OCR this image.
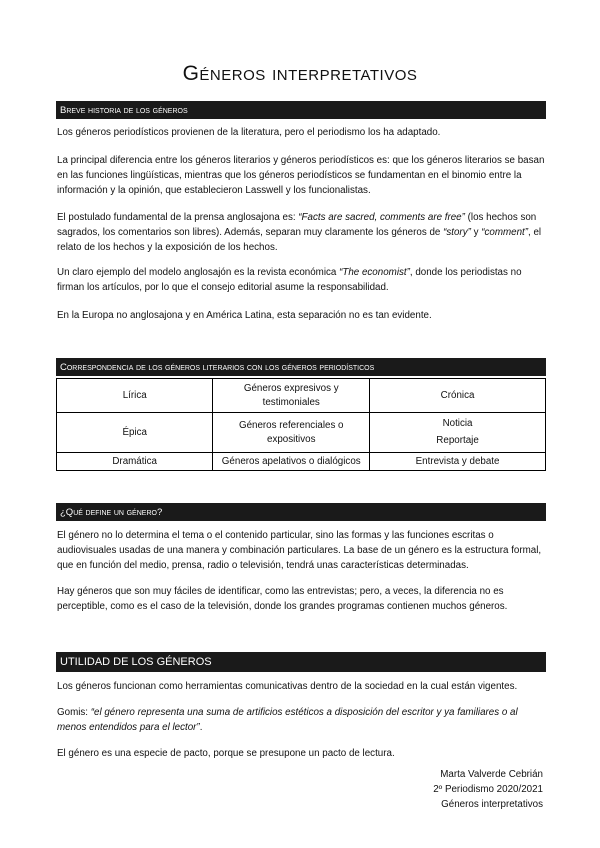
Géneros interpretativos
Breve historia de los géneros

Los géneros periodísticos provienen de la literatura, pero el periodismo los ha adaptado.

La principal diferencia entre los géneros literarios y géneros periodísticos es: que los géneros literarios se basan en las funciones lingüísticas, mientras que los géneros periodísticos se fundamentan en el binomio entre la información y la opinión, que establecieron Lasswell y los funcionalistas.

El postulado fundamental de la prensa anglosajona es: “Facts are sacred, comments are free” (los hechos son sagrados, los comentarios son libres). Además, separan muy claramente los géneros de “story” y “comment”, el relato de los hechos y la exposición de los hechos.

Un claro ejemplo del modelo anglosajón es la revista económica “The economist”, donde los periodistas no firman los artículos, por lo que el consejo editorial asume la responsabilidad.

En la Europa no anglosajona y en América Latina, esta separación no es tan evidente.

Correspondencia de los géneros literarios con los géneros periodísticos
Lírica	Géneros expresivos y testimoniales	Crónica
Épica	Géneros referenciales o expositivos	Noticia
Reportaje

Dramática	Géneros apelativos o dialógicos	Entrevista y debate
¿Qué define un género?

El género no lo determina el tema o el contenido particular, sino las formas y las funciones escritas o audiovisuales usadas de una manera y combinación particulares. La base de un género es la estructura formal, que en función del medio, prensa, radio o televisión, tendrá unas características determinadas.

Hay géneros que son muy fáciles de identificar, como las entrevistas; pero, a veces, la diferencia no es perceptible, como es el caso de la televisión, donde los grandes programas contienen muchos géneros.

UTILIDAD DE LOS GÉNEROS

Los géneros funcionan como herramientas comunicativas dentro de la sociedad en la cual están vigentes.

Gomis: “el género representa una suma de artificios estéticos a disposición del escritor y ya familiares o al menos entendidos para el lector”.

El género es una especie de pacto, porque se presupone un pacto de lectura.

Marta Valverde Cebrián
2º Periodismo 2020/2021
Géneros interpretativos
